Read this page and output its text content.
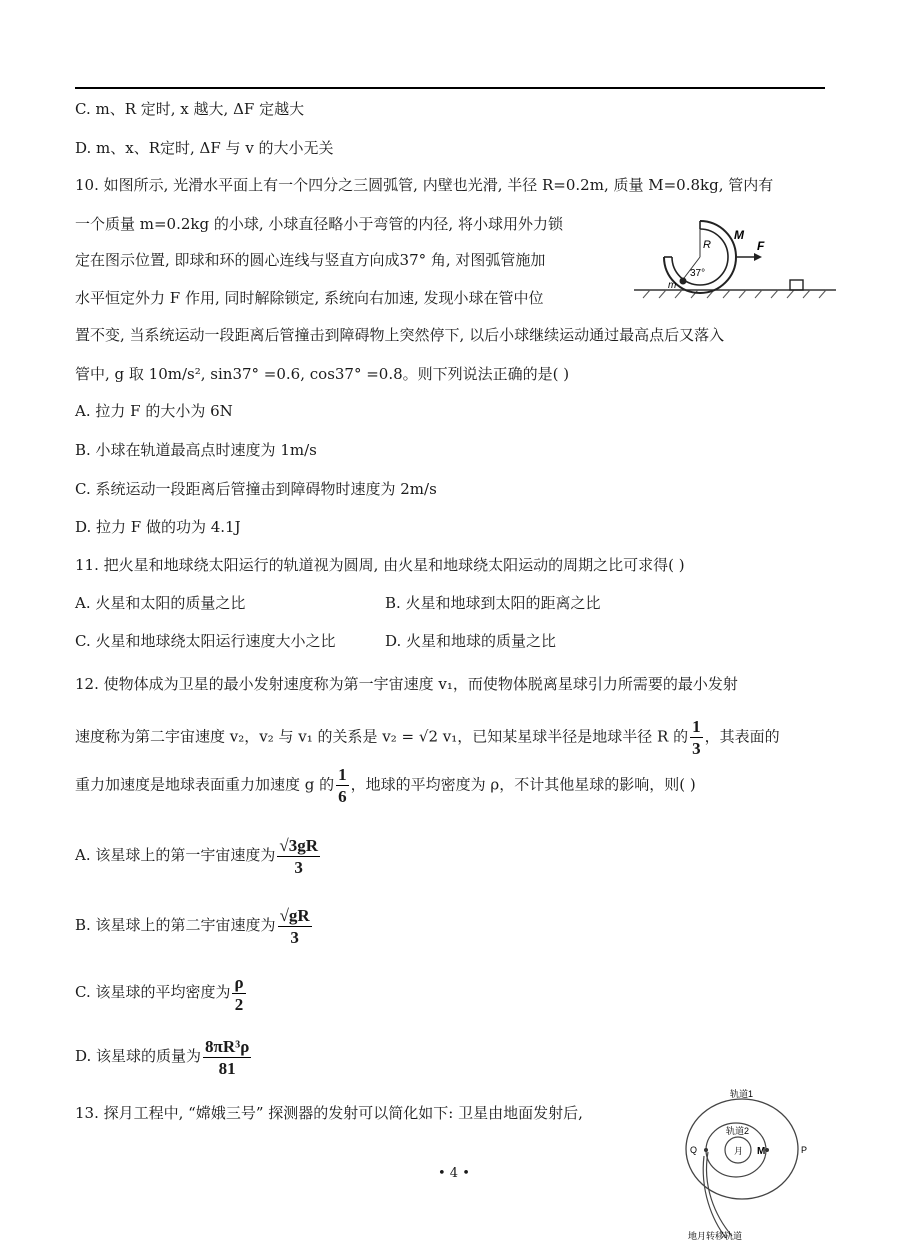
C. m、R 定时, x 越大, ΔF 定越大
D. m、x、R定时, ΔF 与 v 的大小无关
10. 如图所示, 光滑水平面上有一个四分之三圆弧管, 内壁也光滑, 半径 R=0.2m, 质量 M=0.8kg, 管内有
一个质量 m=0.2kg 的小球, 小球直径略小于弯管的内径, 将小球用外力锁
定在图示位置, 即球和环的圆心连线与竖直方向成37° 角, 对图弧管施加
水平恒定外力 F 作用, 同时解除锁定, 系统向右加速, 发现小球在管中位
置不变, 当系统运动一段距离后管撞击到障碍物上突然停下, 以后小球继续运动通过最高点后又落入
管中, g 取 10m/s², sin37° =0.6, cos37° =0.8。则下列说法正确的是( )
A. 拉力 F 的大小为 6N
B. 小球在轨道最高点时速度为 1m/s
C. 系统运动一段距离后管撞击到障碍物时速度为 2m/s
D. 拉力 F 做的功为 4.1J
R
37°
M
F
m
11. 把火星和地球绕太阳运行的轨道视为圆周, 由火星和地球绕太阳运动的周期之比可求得( )
A. 火星和太阳的质量之比	B. 火星和地球到太阳的距离之比
C. 火星和地球绕太阳运行速度大小之比	D. 火星和地球的质量之比
12. 使物体成为卫星的最小发射速度称为第一宇宙速度 v₁，而使物体脱离星球引力所需要的最小发射
速度称为第二宇宙速度 v₂，v₂ 与 v₁ 的关系是 v₂ = √2 v₁，已知某星球半径是地球半径 R 的 $\frac{1}{3}$ ，其表面的
重力加速度是地球表面重力加速度 g 的 $\frac{1}{6}$ ，地球的平均密度为 ρ，不计其他星球的影响，则( )
A. 该星球上的第一宇宙速度为 $\frac{√3gR}{3}$
B. 该星球上的第二宇宙速度为 $\frac{√gR}{3}$
C. 该星球的平均密度为 $\frac{\rho}{2}$
D. 该星球的质量为 $\frac{\text{8πR³ρ}}{81}$
13. 探月工程中, “嫦娥三号” 探测器的发射可以简化如下: 卫星由地面发射后,
轨道1
轨道2
月 M	P
Q
地月转移轨道
• 4 •
